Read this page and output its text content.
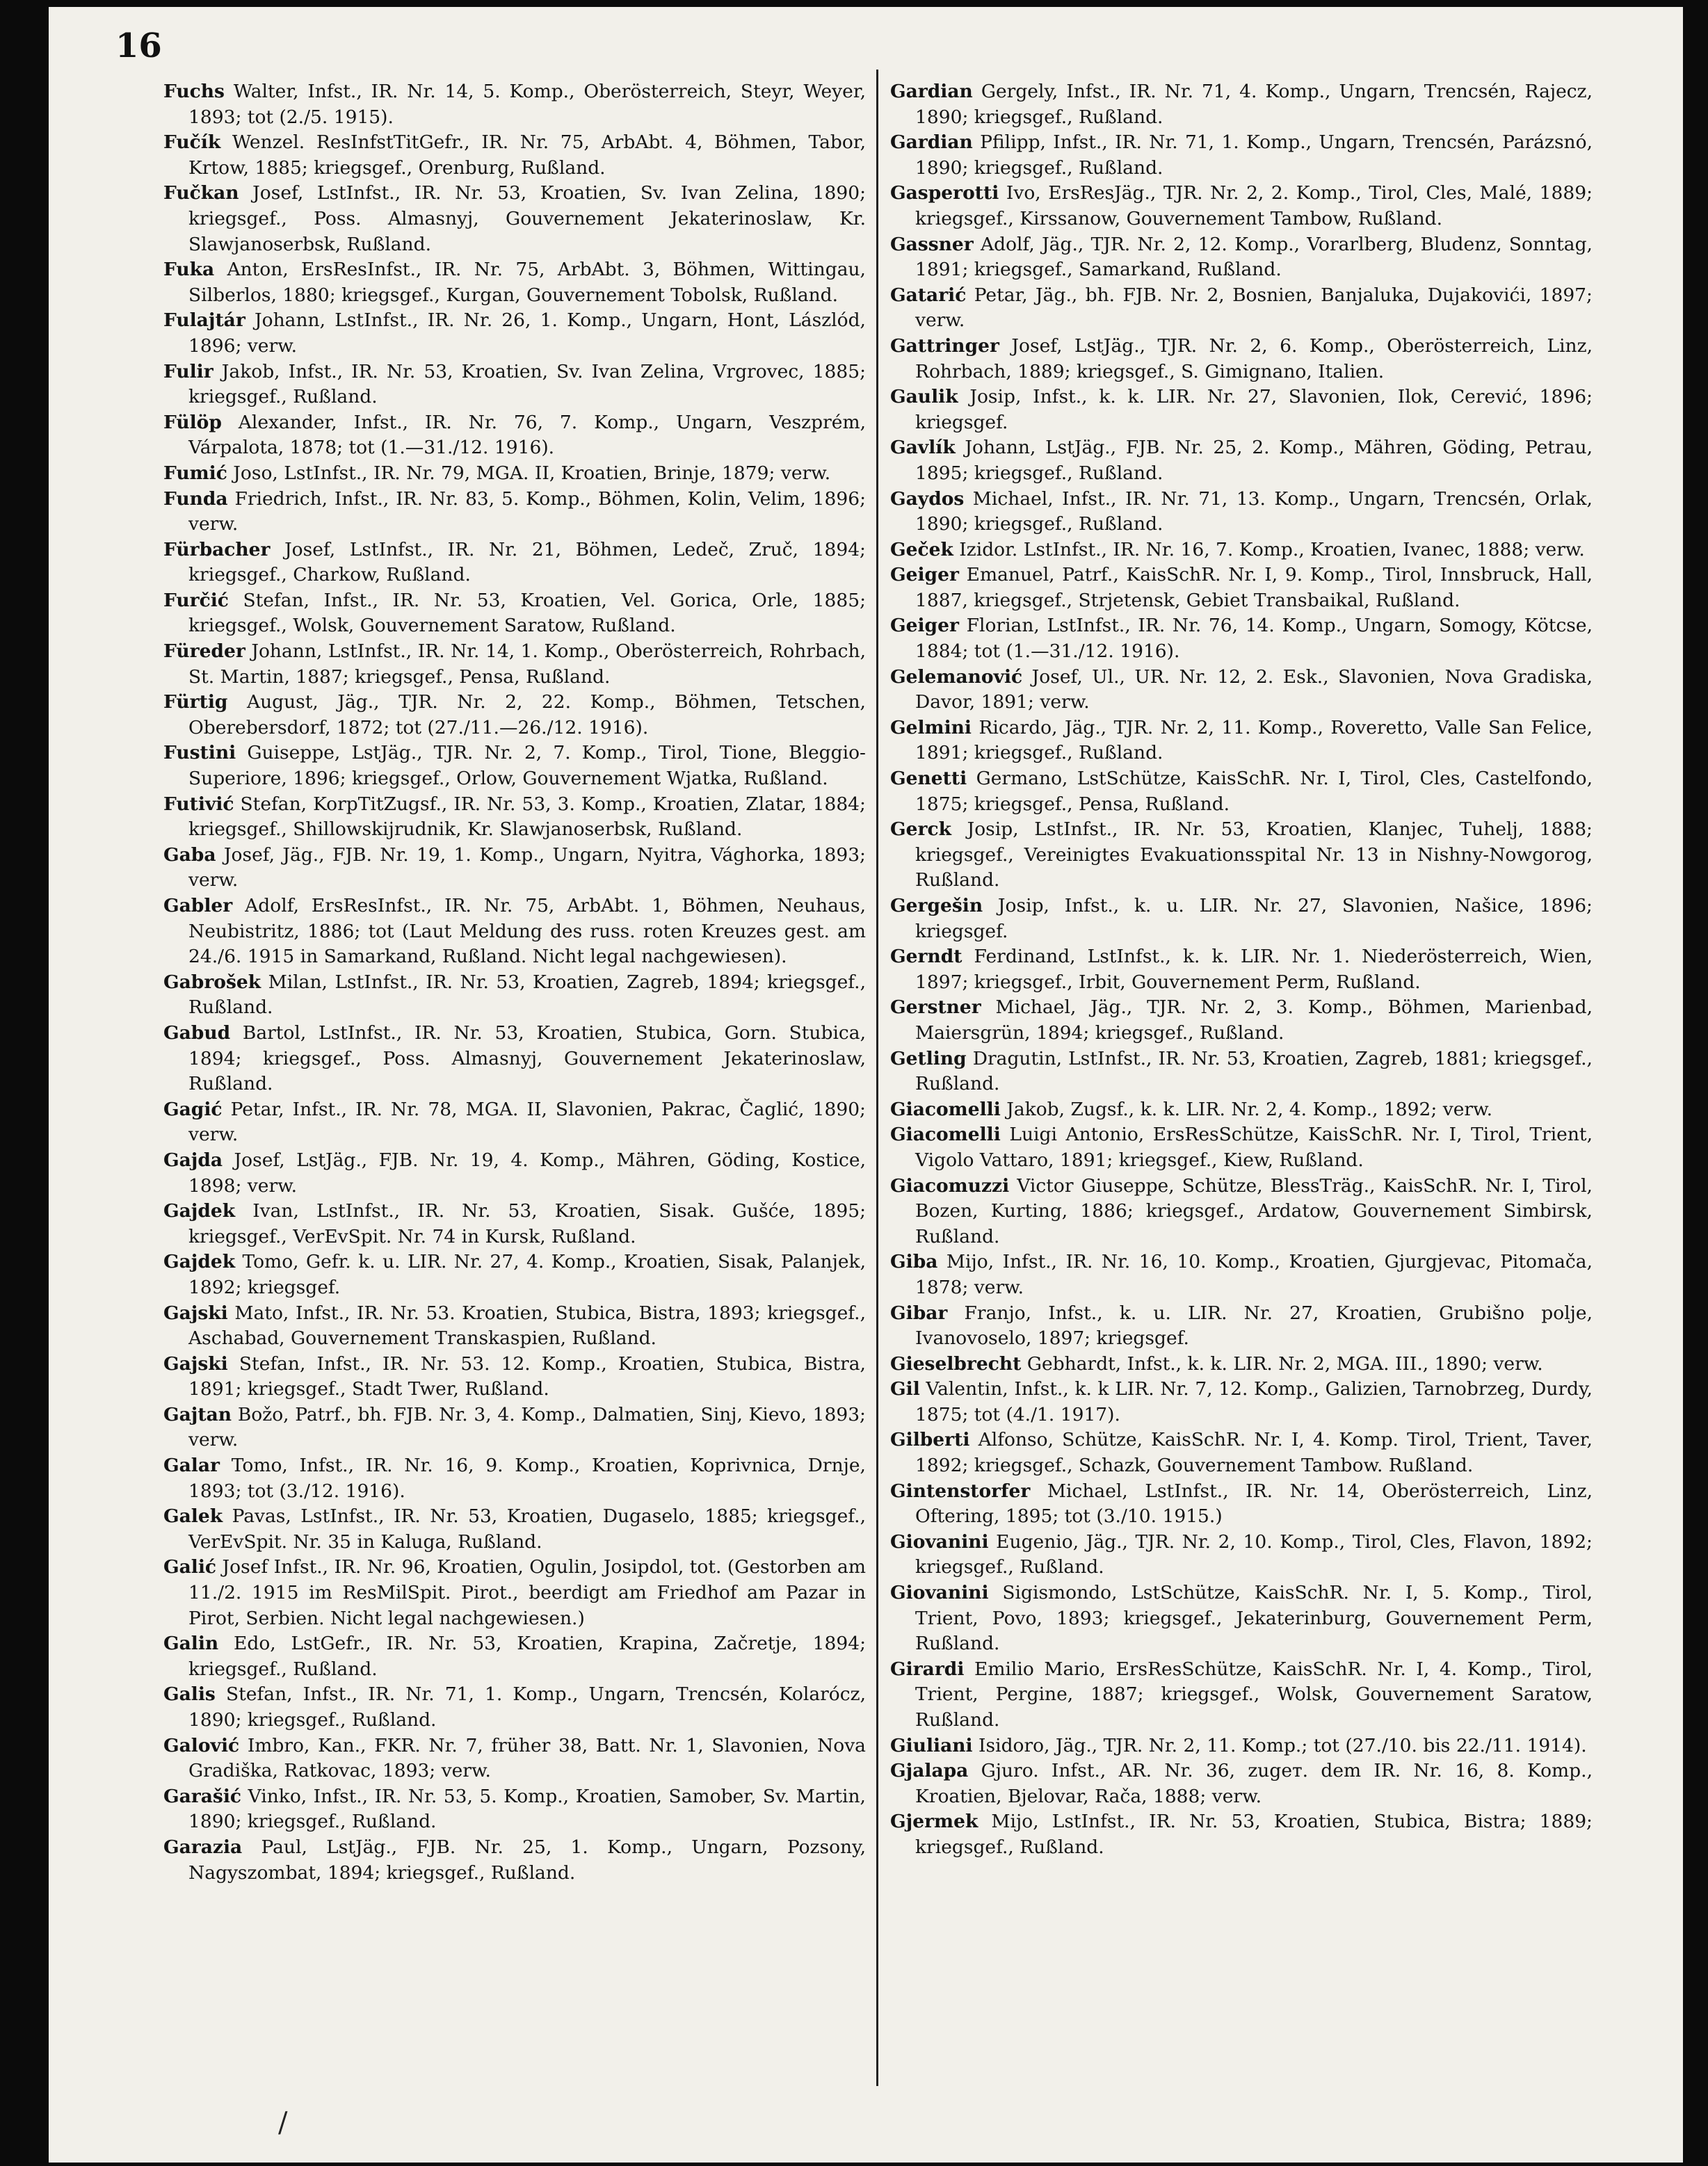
16

Fuchs Walter, Infst., IR. Nr. 14, 5. Komp., Oberösterreich, Steyr, Weyer, 1893; tot (2./5. 1915).

Fučík Wenzel. ResInfstTitGefr., IR. Nr. 75, ArbAbt. 4, Böhmen, Tabor, Krtow, 1885; kriegsgef., Orenburg, Rußland.

Fučkan Josef, LstInfst., IR. Nr. 53, Kroatien, Sv. Ivan Zelina, 1890; kriegsgef., Poss. Almasnyj, Gouvernement Jekaterinoslaw, Kr. Slawjanoserbsk, Rußland.

Fuka Anton, ErsResInfst., IR. Nr. 75, ArbAbt. 3, Böhmen, Wittingau, Silberlos, 1880; kriegsgef., Kurgan, Gouvernement Tobolsk, Rußland.

Fulajtár Johann, LstInfst., IR. Nr. 26, 1. Komp., Ungarn, Hont, Lászlód, 1896; verw.

Fulir Jakob, Infst., IR. Nr. 53, Kroatien, Sv. Ivan Zelina, Vrgrovec, 1885; kriegsgef., Rußland.

Fülöp Alexander, Infst., IR. Nr. 76, 7. Komp., Ungarn, Veszprém, Várpalota, 1878; tot (1.—31./12. 1916).

Fumić Joso, LstInfst., IR. Nr. 79, MGA. II, Kroatien, Brinje, 1879; verw.

Funda Friedrich, Infst., IR. Nr. 83, 5. Komp., Böhmen, Kolin, Velim, 1896; verw.

Fürbacher Josef, LstInfst., IR. Nr. 21, Böhmen, Ledeč, Zruč, 1894; kriegsgef., Charkow, Rußland.

Furčić Stefan, Infst., IR. Nr. 53, Kroatien, Vel. Gorica, Orle, 1885; kriegsgef., Wolsk, Gouvernement Saratow, Rußland.

Füreder Johann, LstInfst., IR. Nr. 14, 1. Komp., Oberösterreich, Rohrbach, St. Martin, 1887; kriegsgef., Pensa, Rußland.

Fürtig August, Jäg., TJR. Nr. 2, 22. Komp., Böhmen, Tetschen, Oberebersdorf, 1872; tot (27./11.—26./12. 1916).

Fustini Guiseppe, LstJäg., TJR. Nr. 2, 7. Komp., Tirol, Tione, Bleggio-Superiore, 1896; kriegsgef., Orlow, Gouvernement Wjatka, Rußland.

Futivić Stefan, KorpTitZugsf., IR. Nr. 53, 3. Komp., Kroatien, Zlatar, 1884; kriegsgef., Shillowskijrudnik, Kr. Slawjanoserbsk, Rußland.

Gaba Josef, Jäg., FJB. Nr. 19, 1. Komp., Ungarn, Nyitra, Vághorka, 1893; verw.

Gabler Adolf, ErsResInfst., IR. Nr. 75, ArbAbt. 1, Böhmen, Neuhaus, Neubistritz, 1886; tot (Laut Meldung des russ. roten Kreuzes gest. am 24./6. 1915 in Samarkand, Rußland. Nicht legal nachgewiesen).

Gabrošek Milan, LstInfst., IR. Nr. 53, Kroatien, Zagreb, 1894; kriegsgef., Rußland.

Gabud Bartol, LstInfst., IR. Nr. 53, Kroatien, Stubica, Gorn. Stubica, 1894; kriegsgef., Poss. Almasnyj, Gouvernement Jekaterinoslaw, Rußland.

Gagić Petar, Infst., IR. Nr. 78, MGA. II, Slavonien, Pakrac, Čaglić, 1890; verw.

Gajda Josef, LstJäg., FJB. Nr. 19, 4. Komp., Mähren, Göding, Kostice, 1898; verw.

Gajdek Ivan, LstInfst., IR. Nr. 53, Kroatien, Sisak. Gušće, 1895; kriegsgef., VerEvSpit. Nr. 74 in Kursk, Rußland.

Gajdek Tomo, Gefr. k. u. LIR. Nr. 27, 4. Komp., Kroatien, Sisak, Palanjek, 1892; kriegsgef.

Gajski Mato, Infst., IR. Nr. 53. Kroatien, Stubica, Bistra, 1893; kriegsgef., Aschabad, Gouvernement Transkaspien, Rußland.

Gajski Stefan, Infst., IR. Nr. 53. 12. Komp., Kroatien, Stubica, Bistra, 1891; kriegsgef., Stadt Twer, Rußland.

Gajtan Božo, Patrf., bh. FJB. Nr. 3, 4. Komp., Dalmatien, Sinj, Kievo, 1893; verw.

Galar Tomo, Infst., IR. Nr. 16, 9. Komp., Kroatien, Koprivnica, Drnje, 1893; tot (3./12. 1916).

Galek Pavas, LstInfst., IR. Nr. 53, Kroatien, Dugaselo, 1885; kriegsgef., VerEvSpit. Nr. 35 in Kaluga, Rußland.

Galić Josef Infst., IR. Nr. 96, Kroatien, Ogulin, Josipdol, tot. (Gestorben am 11./2. 1915 im ResMilSpit. Pirot., beerdigt am Friedhof am Pazar in Pirot, Serbien. Nicht legal nachgewiesen.)

Galin Edo, LstGefr., IR. Nr. 53, Kroatien, Krapina, Začretje, 1894; kriegsgef., Rußland.

Galis Stefan, Infst., IR. Nr. 71, 1. Komp., Ungarn, Trencsén, Kolarócz, 1890; kriegsgef., Rußland.

Galović Imbro, Kan., FKR. Nr. 7, früher 38, Batt. Nr. 1, Slavonien, Nova Gradiška, Ratkovac, 1893; verw.

Garašić Vinko, Infst., IR. Nr. 53, 5. Komp., Kroatien, Samober, Sv. Martin, 1890; kriegsgef., Rußland.

Garazia Paul, LstJäg., FJB. Nr. 25, 1. Komp., Ungarn, Pozsony, Nagyszombat, 1894; kriegsgef., Rußland.

Gardian Gergely, Infst., IR. Nr. 71, 4. Komp., Ungarn, Trencsén, Rajecz, 1890; kriegsgef., Rußland.

Gardian Pfilipp, Infst., IR. Nr. 71, 1. Komp., Ungarn, Trencsén, Parázsnó, 1890; kriegsgef., Rußland.

Gasperotti Ivo, ErsResJäg., TJR. Nr. 2, 2. Komp., Tirol, Cles, Malé, 1889; kriegsgef., Kirssanow, Gouvernement Tambow, Rußland.

Gassner Adolf, Jäg., TJR. Nr. 2, 12. Komp., Vorarlberg, Bludenz, Sonntag, 1891; kriegsgef., Samarkand, Rußland.

Gatarić Petar, Jäg., bh. FJB. Nr. 2, Bosnien, Banjaluka, Dujakovići, 1897; verw.

Gattringer Josef, LstJäg., TJR. Nr. 2, 6. Komp., Oberösterreich, Linz, Rohrbach, 1889; kriegsgef., S. Gimignano, Italien.

Gaulik Josip, Infst., k. k. LIR. Nr. 27, Slavonien, Ilok, Cerević, 1896; kriegsgef.

Gavlík Johann, LstJäg., FJB. Nr. 25, 2. Komp., Mähren, Göding, Petrau, 1895; kriegsgef., Rußland.

Gaydos Michael, Infst., IR. Nr. 71, 13. Komp., Ungarn, Trencsén, Orlak, 1890; kriegsgef., Rußland.

Geček Izidor. LstInfst., IR. Nr. 16, 7. Komp., Kroatien, Ivanec, 1888; verw.

Geiger Emanuel, Patrf., KaisSchR. Nr. I, 9. Komp., Tirol, Innsbruck, Hall, 1887, kriegsgef., Strjetensk, Gebiet Transbaikal, Rußland.

Geiger Florian, LstInfst., IR. Nr. 76, 14. Komp., Ungarn, Somogy, Kötcse, 1884; tot (1.—31./12. 1916).

Gelemanović Josef, Ul., UR. Nr. 12, 2. Esk., Slavonien, Nova Gradiska, Davor, 1891; verw.

Gelmini Ricardo, Jäg., TJR. Nr. 2, 11. Komp., Roveretto, Valle San Felice, 1891; kriegsgef., Rußland.

Genetti Germano, LstSchütze, KaisSchR. Nr. I, Tirol, Cles, Castelfondo, 1875; kriegsgef., Pensa, Rußland.

Gerck Josip, LstInfst., IR. Nr. 53, Kroatien, Klanjec, Tuhelj, 1888; kriegsgef., Vereinigtes Evakuationsspital Nr. 13 in Nishny-Nowgorog, Rußland.

Gergešin Josip, Infst., k. u. LIR. Nr. 27, Slavonien, Našice, 1896; kriegsgef.

Gerndt Ferdinand, LstInfst., k. k. LIR. Nr. 1. Niederösterreich, Wien, 1897; kriegsgef., Irbit, Gouvernement Perm, Rußland.

Gerstner Michael, Jäg., TJR. Nr. 2, 3. Komp., Böhmen, Marienbad, Maiersgrün, 1894; kriegsgef., Rußland.

Getling Dragutin, LstInfst., IR. Nr. 53, Kroatien, Zagreb, 1881; kriegsgef., Rußland.

Giacomelli Jakob, Zugsf., k. k. LIR. Nr. 2, 4. Komp., 1892; verw.

Giacomelli Luigi Antonio, ErsResSchütze, KaisSchR. Nr. I, Tirol, Trient, Vigolo Vattaro, 1891; kriegsgef., Kiew, Rußland.

Giacomuzzi Victor Giuseppe, Schütze, BlessTräg., KaisSchR. Nr. I, Tirol, Bozen, Kurting, 1886; kriegsgef., Ardatow, Gouvernement Simbirsk, Rußland.

Giba Mijo, Infst., IR. Nr. 16, 10. Komp., Kroatien, Gjurgjevac, Pitomača, 1878; verw.

Gibar Franjo, Infst., k. u. LIR. Nr. 27, Kroatien, Grubišno polje, Ivanovoselo, 1897; kriegsgef.

Gieselbrecht Gebhardt, Infst., k. k. LIR. Nr. 2, MGA. III., 1890; verw.

Gil Valentin, Infst., k. k LIR. Nr. 7, 12. Komp., Galizien, Tarnobrzeg, Durdy, 1875; tot (4./1. 1917).

Gilberti Alfonso, Schütze, KaisSchR. Nr. I, 4. Komp. Tirol, Trient, Taver, 1892; kriegsgef., Schazk, Gouvernement Tambow. Rußland.

Gintenstorfer Michael, LstInfst., IR. Nr. 14, Oberösterreich, Linz, Oftering, 1895; tot (3./10. 1915.)

Giovanini Eugenio, Jäg., TJR. Nr. 2, 10. Komp., Tirol, Cles, Flavon, 1892; kriegsgef., Rußland.

Giovanini Sigismondo, LstSchütze, KaisSchR. Nr. I, 5. Komp., Tirol, Trient, Povo, 1893; kriegsgef., Jekaterinburg, Gouvernement Perm, Rußland.

Girardi Emilio Mario, ErsResSchütze, KaisSchR. Nr. I, 4. Komp., Tirol, Trient, Pergine, 1887; kriegsgef., Wolsk, Gouvernement Saratow, Rußland.

Giuliani Isidoro, Jäg., TJR. Nr. 2, 11. Komp.; tot (27./10. bis 22./11. 1914).

Gjalapa Gjuro. Infst., AR. Nr. 36, zugет. dem IR. Nr. 16, 8. Komp., Kroatien, Bjelovar, Rača, 1888; verw.

Gjermek Mijo, LstInfst., IR. Nr. 53, Kroatien, Stubica, Bistra; 1889; kriegsgef., Rußland.

/
